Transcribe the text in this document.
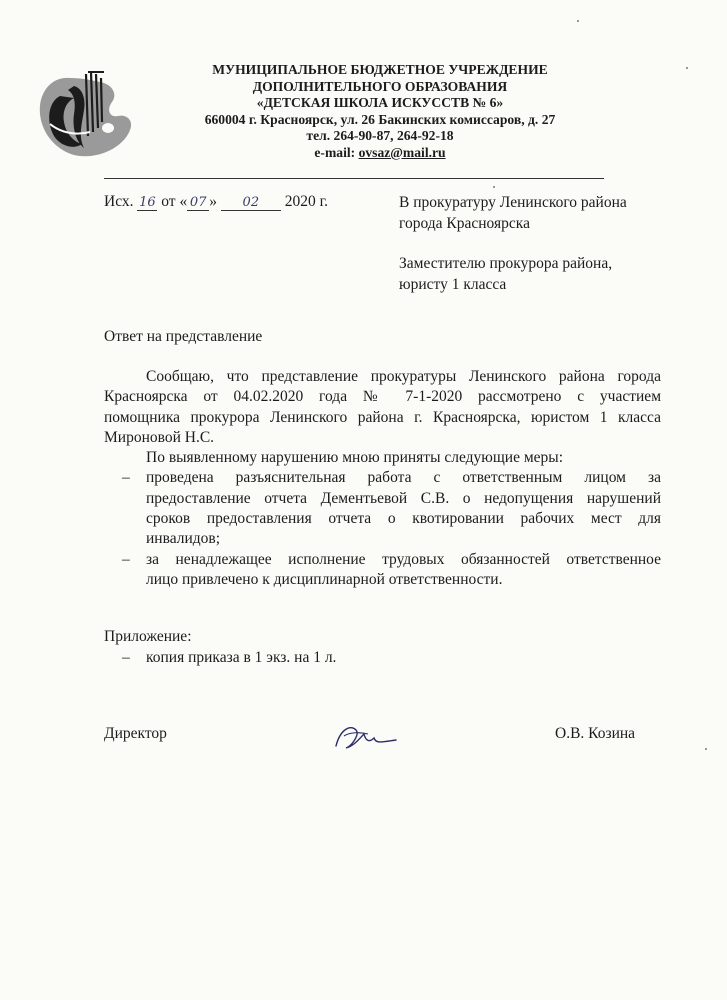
МУНИЦИПАЛЬНОЕ БЮДЖЕТНОЕ УЧРЕЖДЕНИЕ
ДОПОЛНИТЕЛЬНОГО ОБРАЗОВАНИЯ
«ДЕТСКАЯ ШКОЛА ИСКУССТВ № 6»
660004 г. Красноярск, ул. 26 Бакинских комиссаров, д. 27
тел. 264-90-87, 264-92-18
e-mail: ovsaz@mail.ru
Исх. 16 от « 07 » 02 2020 г.	В прокуратуру Ленинского района

города Красноярска

Заместителю прокурора района,

юристу 1 класса

Ответ на представление

Сообщаю, что представление прокуратуры Ленинского района города
Красноярска от 04.02.2020 года № 7-1-2020 рассмотрено с участием
помощника прокурора Ленинского района г. Красноярска, юристом 1 класса
Мироновой Н.С.

По выявленному нарушению мною приняты следующие меры:

– проведена разъяснительная работа с ответственным лицом за
предоставление отчета Дементьевой С.В. о недопущения нарушений
сроков предоставления отчета о квотировании рабочих мест для
инвалидов;
– за ненадлежащее исполнение трудовых обязанностей ответственное
лицо привлечено к дисциплинарной ответственности.
Приложение:
– копия приказа в 1 экз. на 1 л.
Директор	О.В. Козина
